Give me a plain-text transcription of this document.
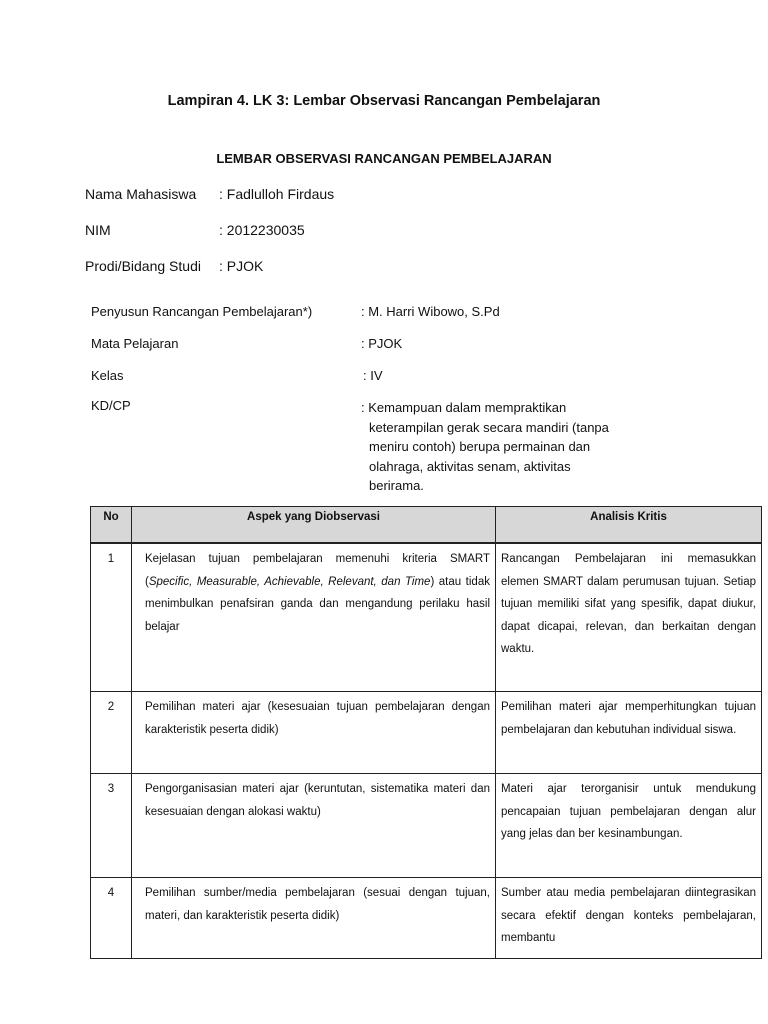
Lampiran 4. LK 3: Lembar Observasi Rancangan Pembelajaran
LEMBAR OBSERVASI RANCANGAN PEMBELAJARAN
Nama Mahasiswa : Fadlulloh Firdaus
NIM	: 2012230035
Prodi/Bidang Studi : PJOK
Penyusun Rancangan Pembelajaran*)	: M. Harri Wibowo, S.Pd
Mata Pelajaran	: PJOK
Kelas	: IV
KD/CP	: Kemampuan dalam mempraktikan
keterampilan gerak secara mandiri (tanpa meniru contoh) berupa permainan dan olahraga, aktivitas senam, aktivitas berirama.
No	Aspek yang Diobservasi	Analisis Kritis

1	Kejelasan tujuan pembelajaran memenuhi kriteria SMART (Specific, Measurable, Achievable, Relevant, dan Time) atau tidak menimbulkan penafsiran ganda dan mengandung perilaku hasil belajar	Rancangan Pembelajaran ini memasukkan elemen SMART dalam perumusan tujuan. Setiap tujuan memiliki sifat yang spesifik, dapat diukur, dapat dicapai, relevan, dan berkaitan dengan waktu.
2	Pemilihan materi ajar (kesesuaian tujuan pembelajaran dengan karakteristik peserta didik)	Pemilihan materi ajar memperhitungkan tujuan pembelajaran dan kebutuhan individual siswa.
3	Pengorganisasian materi ajar (keruntutan, sistematika materi dan kesesuaian dengan alokasi waktu)	Materi ajar terorganisir untuk mendukung pencapaian tujuan pembelajaran dengan alur yang jelas dan ber kesinambungan.
4	Pemilihan sumber/media pembelajaran (sesuai dengan tujuan, materi, dan karakteristik peserta didik)	Sumber atau media pembelajaran diintegrasikan secara efektif dengan konteks pembelajaran, membantu
